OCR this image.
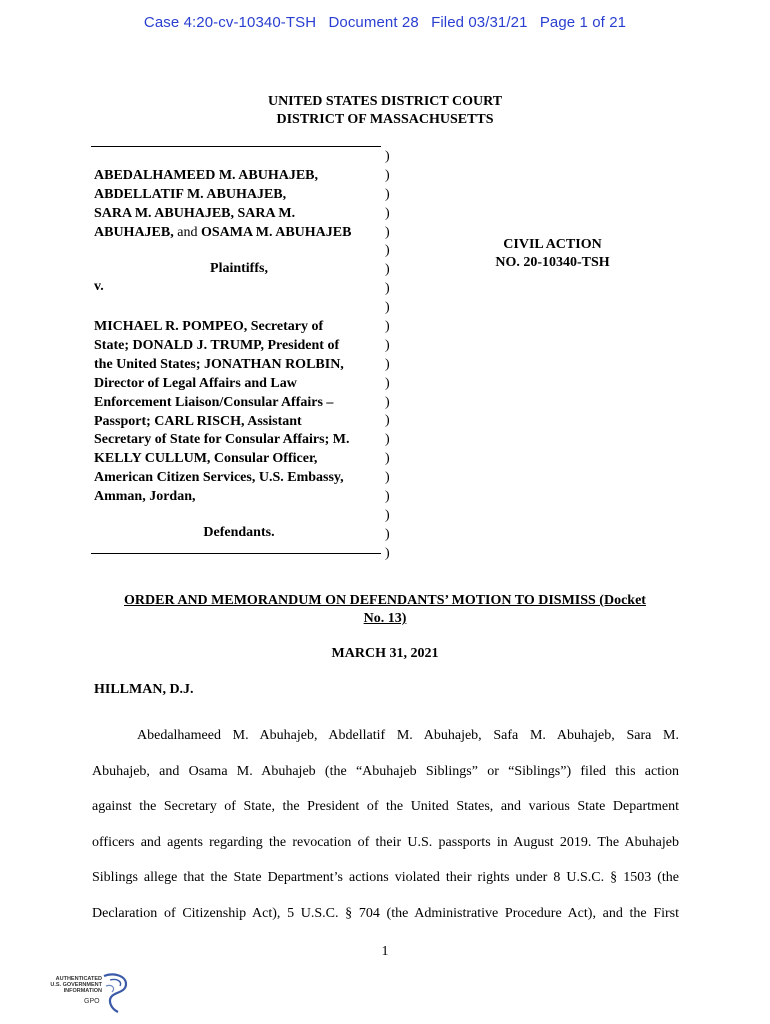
Case 4:20-cv-10340-TSH Document 28 Filed 03/31/21 Page 1 of 21
UNITED STATES DISTRICT COURT
DISTRICT OF MASSACHUSETTS
)
)
)
)
)
)
)
)
)
)
)
)
)
)
)
)
)
)
)
)
)
)
ABEDALHAMEED M. ABUHAJEB,
ABDELLATIF M. ABUHAJEB,
SARA M. ABUHAJEB, SARA M.
ABUHAJEB, and OSAMA M. ABUHAJEB
Plaintiffs,
v.
MICHAEL R. POMPEO, Secretary of
State; DONALD J. TRUMP, President of
the United States; JONATHAN ROLBIN,
Director of Legal Affairs and Law
Enforcement Liaison/Consular Affairs –
Passport; CARL RISCH, Assistant
Secretary of State for Consular Affairs; M.
KELLY CULLUM, Consular Officer,
American Citizen Services, U.S. Embassy,
Amman, Jordan,
Defendants.
CIVIL ACTION
NO. 20-10340-TSH
ORDER AND MEMORANDUM ON DEFENDANTS’ MOTION TO DISMISS (Docket
No. 13)
MARCH 31, 2021
HILLMAN, D.J.
Abedalhameed M. Abuhajeb, Abdellatif M. Abuhajeb, Safa M. Abuhajeb, Sara M.
Abuhajeb, and Osama M. Abuhajeb (the “Abuhajeb Siblings” or “Siblings”) filed this action
against the Secretary of State, the President of the United States, and various State Department
officers and agents regarding the revocation of their U.S. passports in August 2019. The Abuhajeb
Siblings allege that the State Department’s actions violated their rights under 8 U.S.C. § 1503 (the
Declaration of Citizenship Act), 5 U.S.C. § 704 (the Administrative Procedure Act), and the First
1
AUTHENTICATED
U.S. GOVERNMENT
INFORMATION
GPO
